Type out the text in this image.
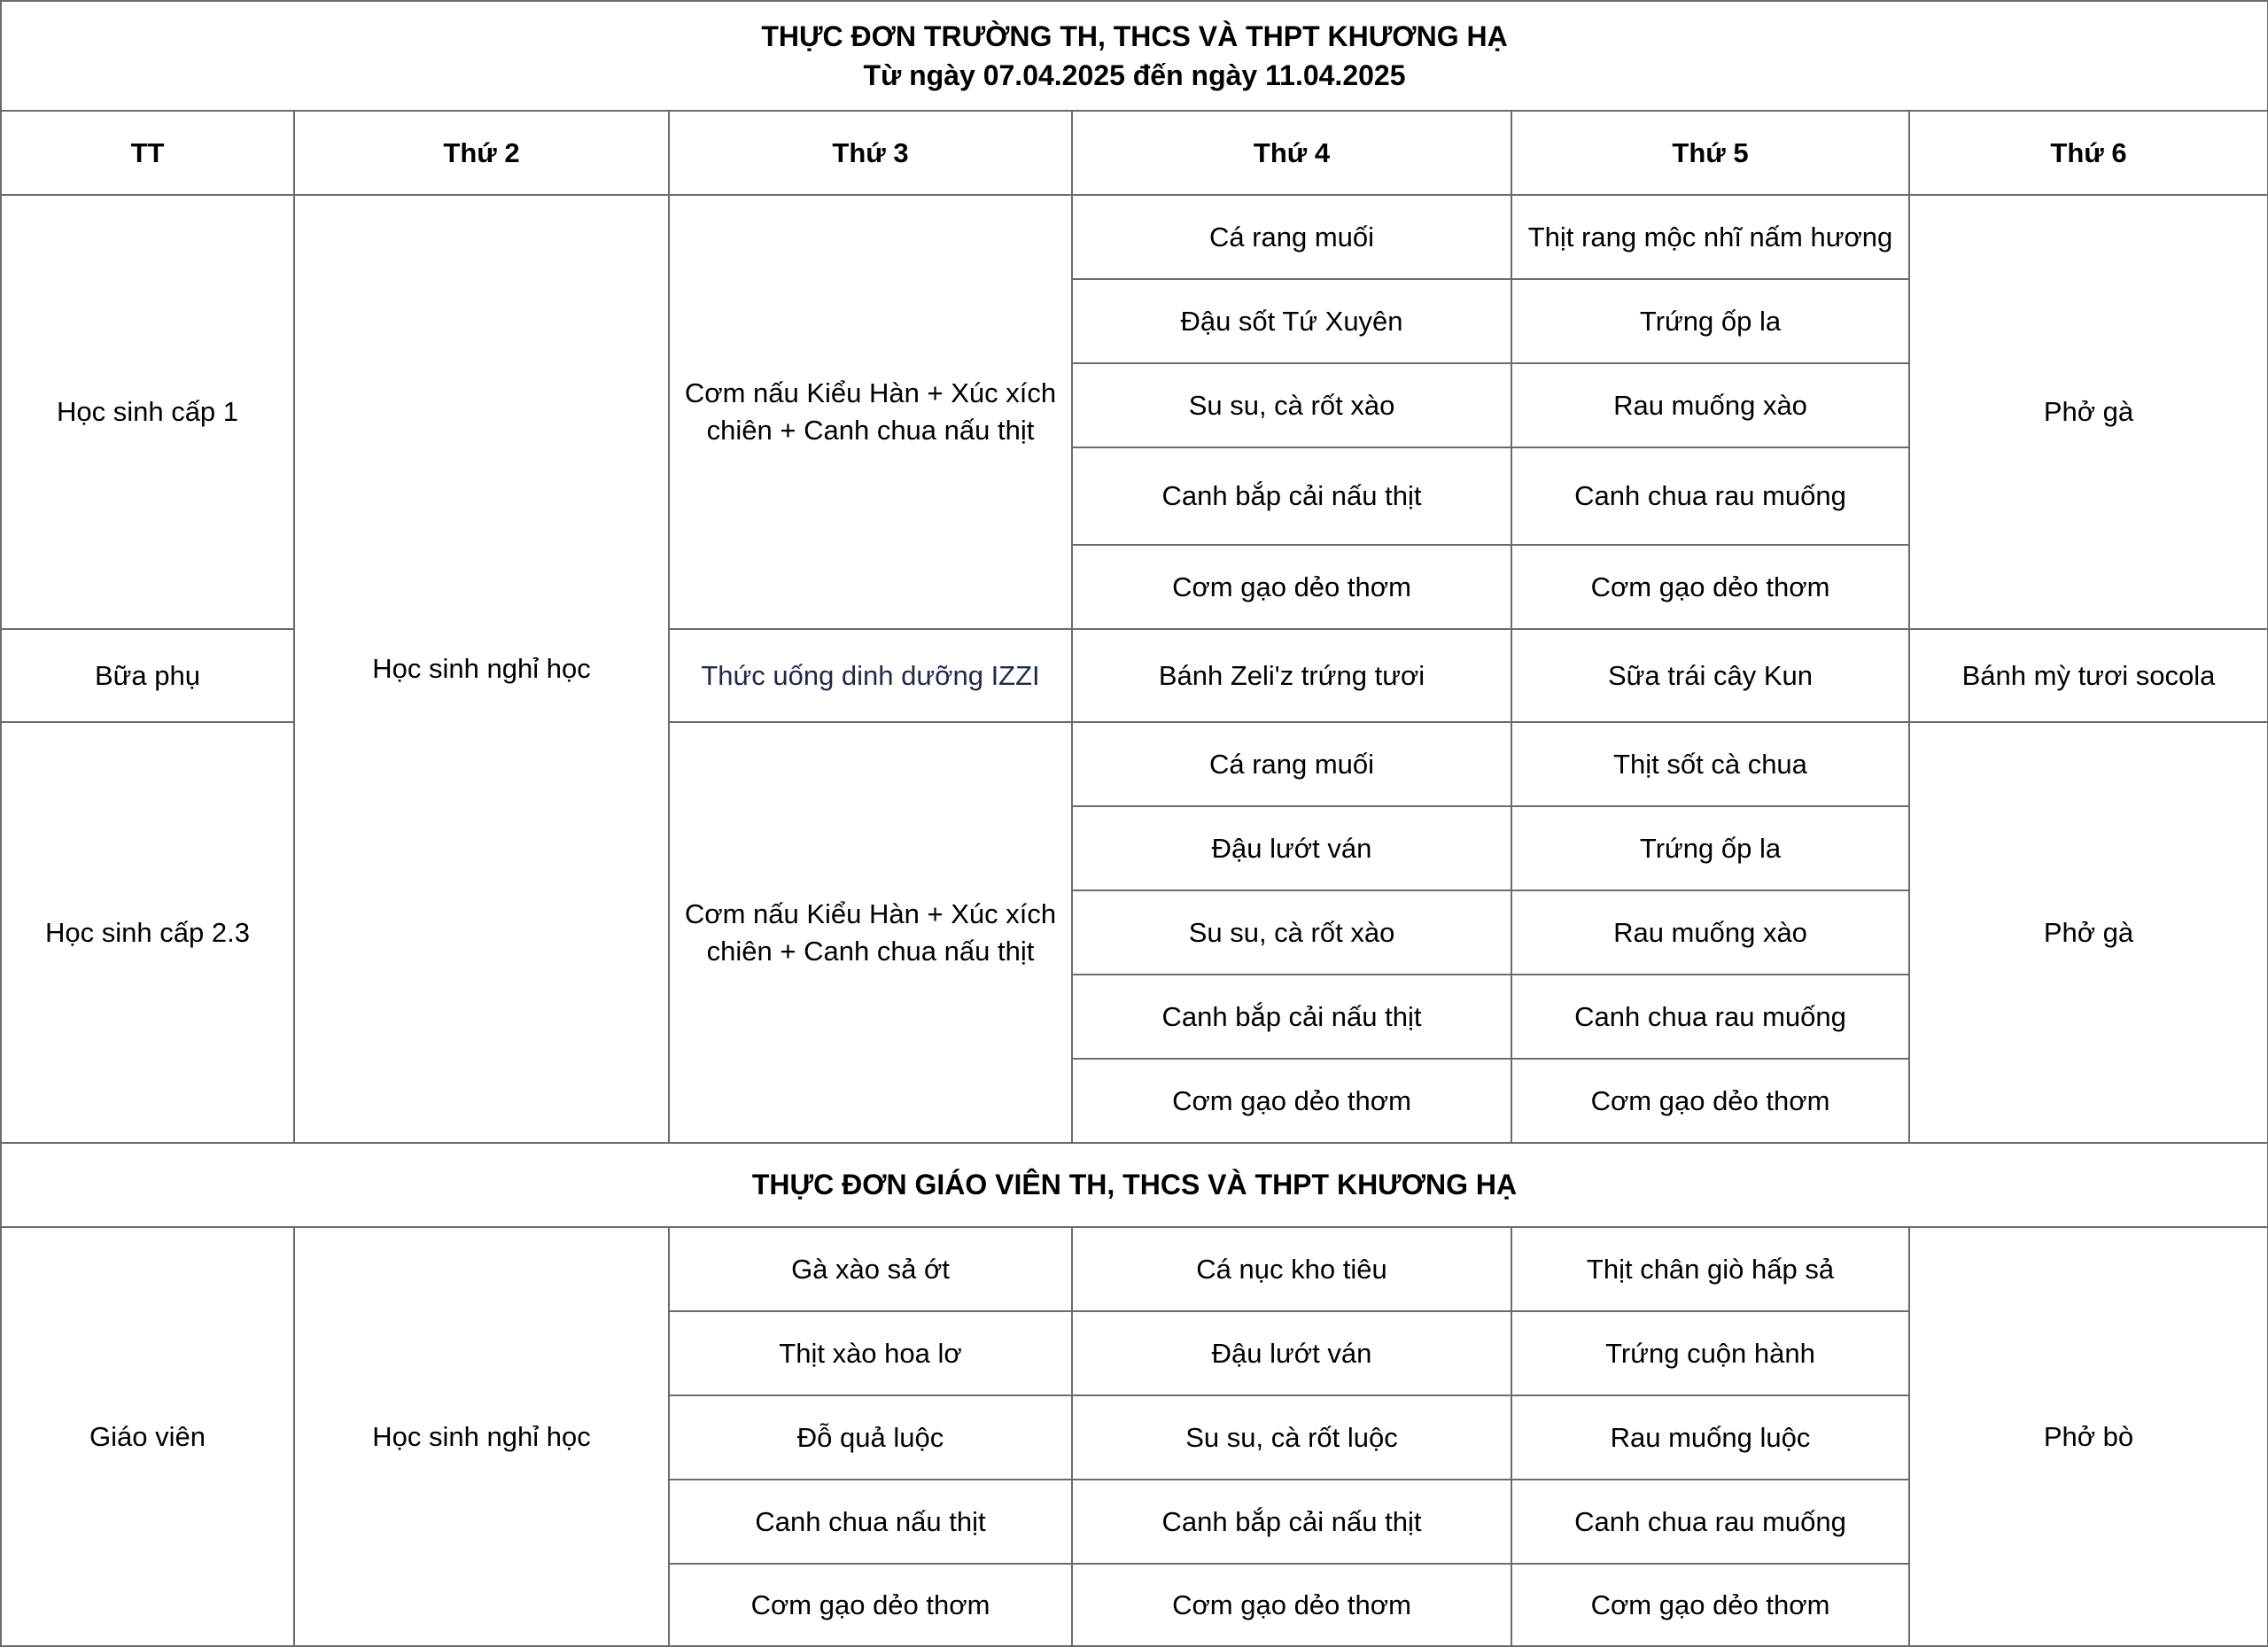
THỰC ĐƠN TRƯỜNG TH, THCS VÀ THPT KHƯƠNG HẠ
Từ ngày 07.04.2025 đến ngày 11.04.2025					

TT	Thứ 2	Thứ 3	Thứ 4	Thứ 5	Thứ 6
Học sinh cấp 1	Học sinh nghỉ học	Cơm nấu Kiểu Hàn + Xúc xích chiên + Canh chua nấu thịt	Cá rang muối	Thịt rang mộc nhĩ nấm hương	Phở gà
			Đậu sốt Tứ Xuyên	Trứng ốp la	
			Su su, cà rốt xào	Rau muống xào	
			Canh bắp cải nấu thịt	Canh chua rau muống	
			Cơm gạo dẻo thơm	Cơm gạo dẻo thơm	
Bữa phụ		Thức uống dinh dưỡng IZZI	Bánh Zeli'z trứng tươi	Sữa trái cây Kun	Bánh mỳ tươi socola
Học sinh cấp 2.3		Cơm nấu Kiểu Hàn + Xúc xích chiên + Canh chua nấu thịt	Cá rang muối	Thịt sốt cà chua	Phở gà
			Đậu lướt ván	Trứng ốp la	
			Su su, cà rốt xào	Rau muống xào	
			Canh bắp cải nấu thịt	Canh chua rau muống	
			Cơm gạo dẻo thơm	Cơm gạo dẻo thơm	
THỰC ĐƠN GIÁO VIÊN TH, THCS VÀ THPT KHƯƠNG HẠ					
Giáo viên	Học sinh nghỉ học	Gà xào sả ớt	Cá nục kho tiêu	Thịt chân giò hấp sả	Phở bò
		Thịt xào hoa lơ	Đậu lướt ván	Trứng cuộn hành	
		Đỗ quả luộc	Su su, cà rốt luộc	Rau muống luộc	
		Canh chua nấu thịt	Canh bắp cải nấu thịt	Canh chua rau muống	
		Cơm gạo dẻo thơm	Cơm gạo dẻo thơm	Cơm gạo dẻo thơm	
